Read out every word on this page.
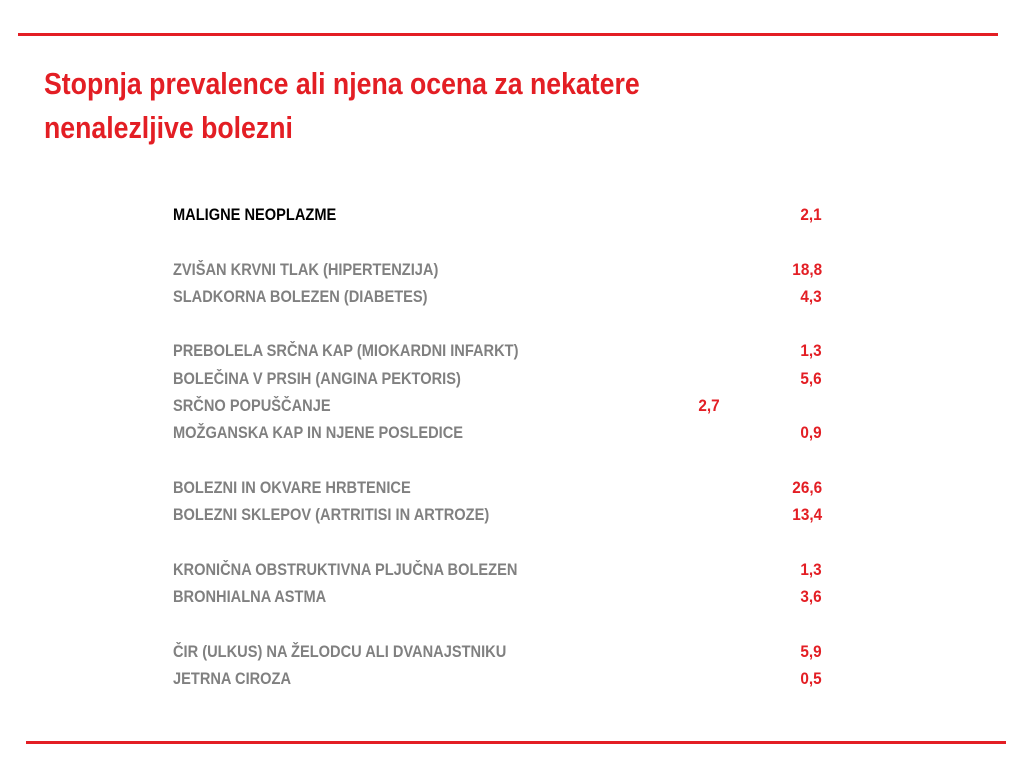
Stopnja prevalence ali njena ocena za nekatere
nenalezljive bolezni
MALIGNE NEOPLAZME	2,1
ZVIŠAN KRVNI TLAK (HIPERTENZIJA)	18,8
SLADKORNA BOLEZEN (DIABETES)	4,3
PREBOLELA SRČNA KAP (MIOKARDNI INFARKT)	1,3
BOLEČINA V PRSIH (ANGINA PEKTORIS)	5,6
SRČNO POPUŠČANJE	2,7
MOŽGANSKA KAP IN NJENE POSLEDICE	0,9
BOLEZNI IN OKVARE HRBTENICE	26,6
BOLEZNI SKLEPOV (ARTRITISI IN ARTROZE)	13,4
KRONIČNA OBSTRUKTIVNA PLJUČNA BOLEZEN	1,3
BRONHIALNA ASTMA	3,6
ČIR (ULKUS) NA ŽELODCU ALI DVANAJSTNIKU	5,9
JETRNA CIROZA	0,5
